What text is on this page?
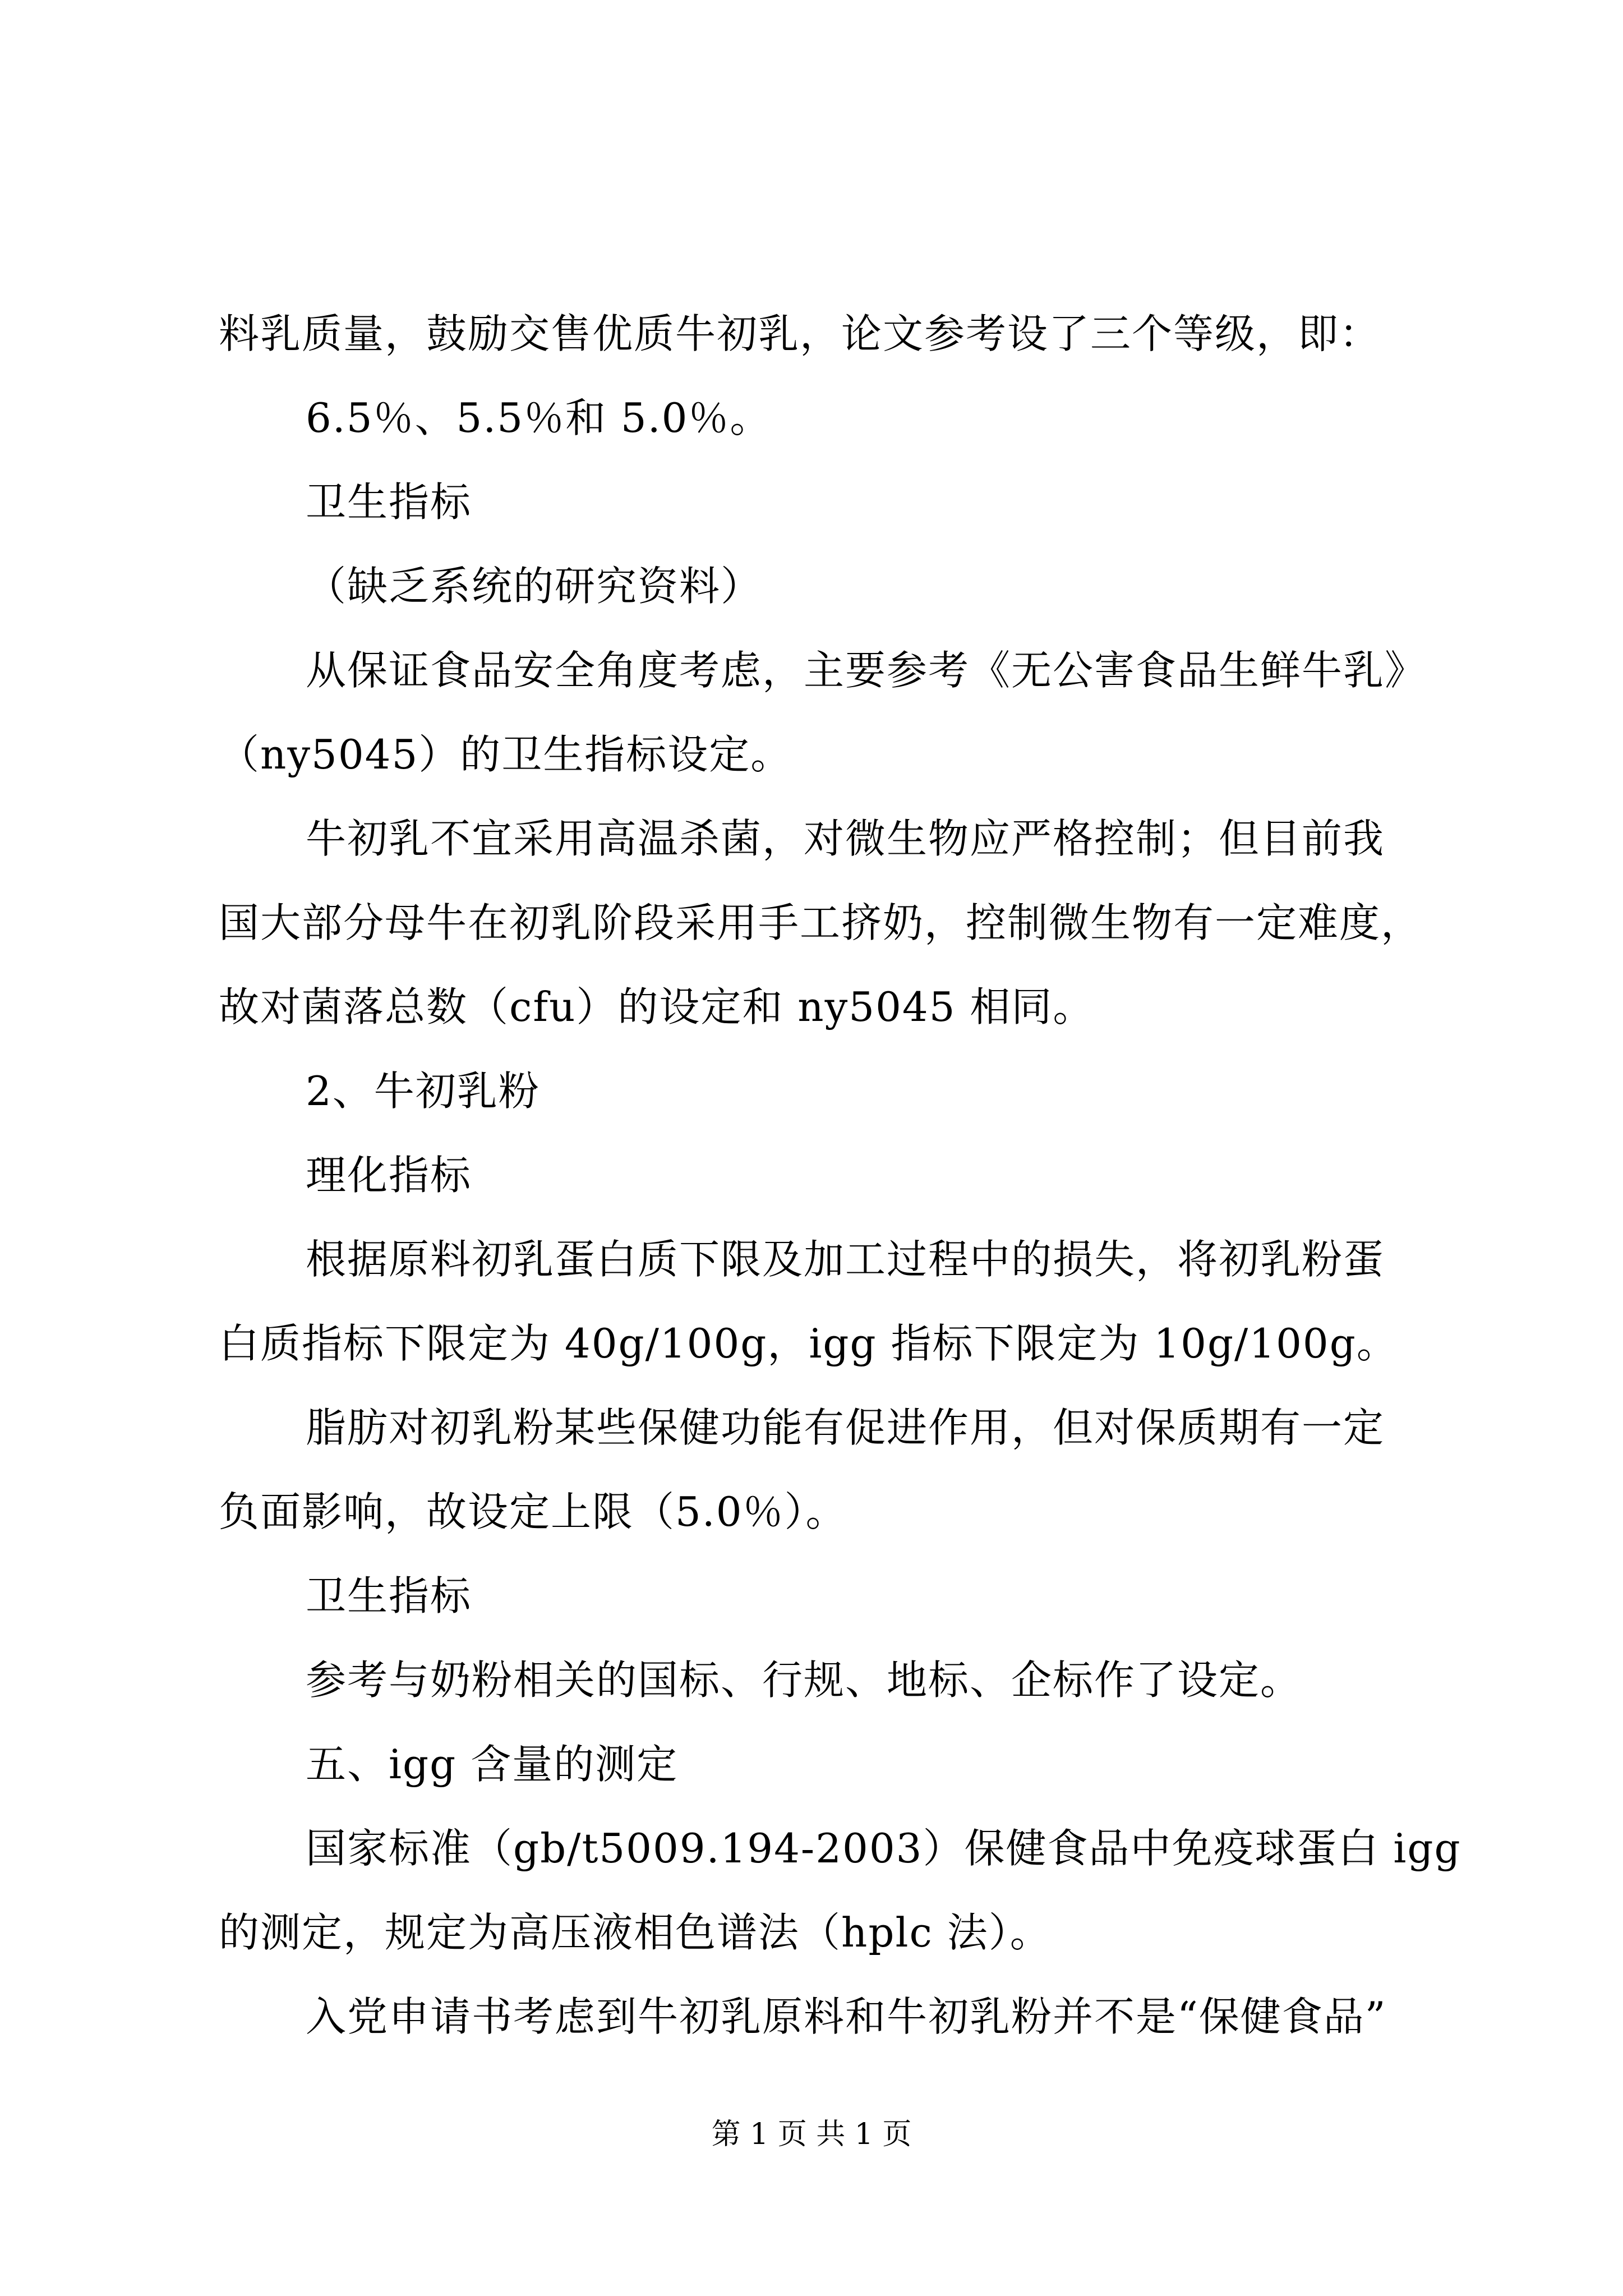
料乳质量，鼓励交售优质牛初乳，论文参考设了三个等级，即：
6.5％、5.5％和 5.0％。
卫生指标
（缺乏系统的研究资料）
从保证食品安全角度考虑，主要参考《无公害食品生鲜牛乳》
（ny5045）的卫生指标设定。
牛初乳不宜采用高温杀菌，对微生物应严格控制；但目前我
国大部分母牛在初乳阶段采用手工挤奶，控制微生物有一定难度，
故对菌落总数（cfu）的设定和 ny5045 相同。
2、牛初乳粉
理化指标
根据原料初乳蛋白质下限及加工过程中的损失，将初乳粉蛋
白质指标下限定为 40g/100g，igg 指标下限定为 10g/100g。
脂肪对初乳粉某些保健功能有促进作用，但对保质期有一定
负面影响，故设定上限（5.0％）。
卫生指标
参考与奶粉相关的国标、行规、地标、企标作了设定。
五、igg 含量的测定
国家标准（gb/t5009.194-2003）保健食品中免疫球蛋白 igg
的测定，规定为高压液相色谱法（hplc 法）。
入党申请书考虑到牛初乳原料和牛初乳粉并不是“保健食品”
第 1 页 共 1 页
